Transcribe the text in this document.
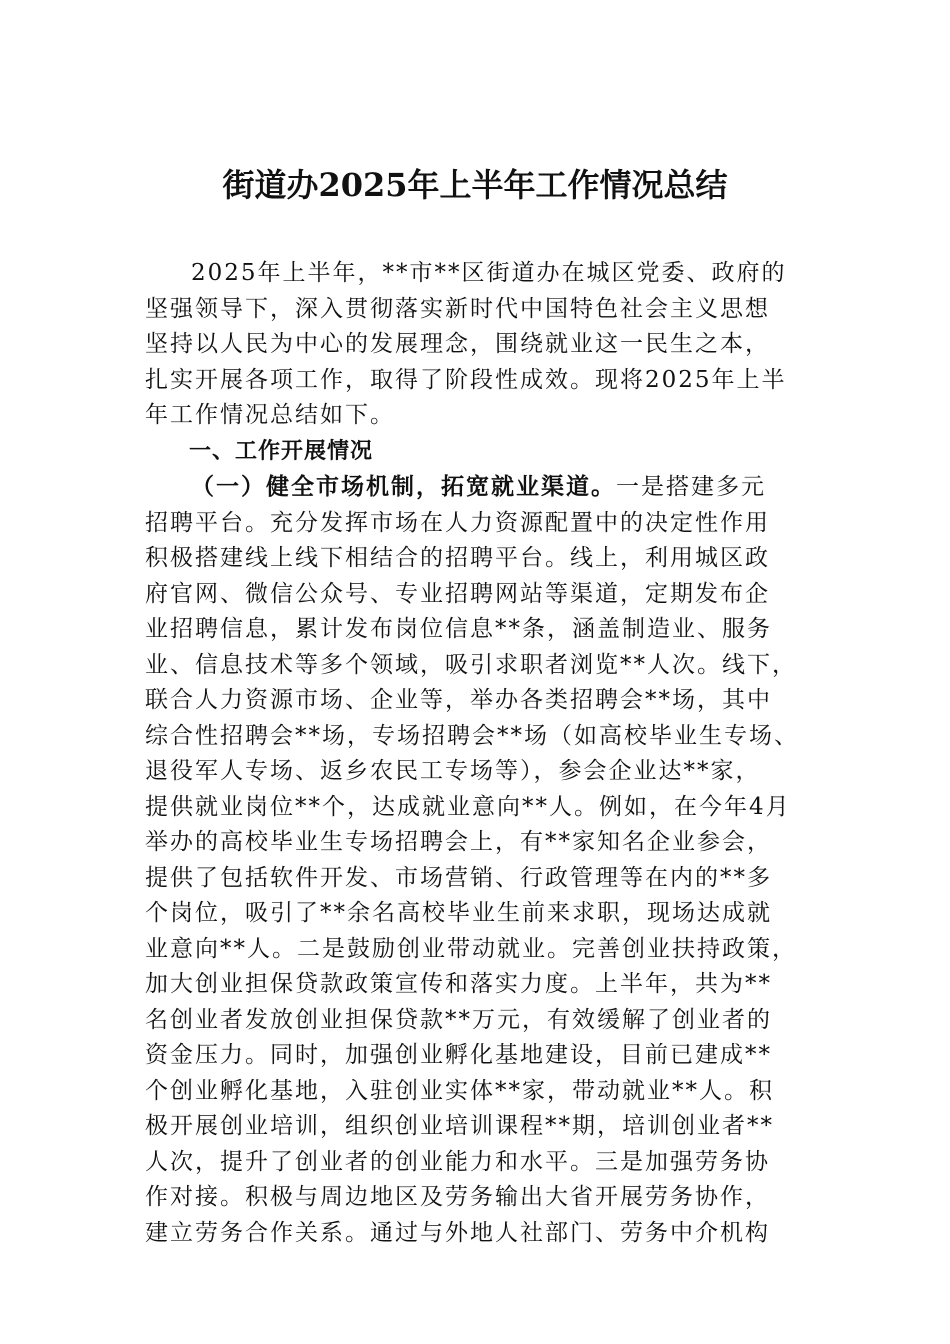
街道办2025年上半年工作情况总结

2025年上半年，**市**区街道办在城区党委、政府的
坚强领导下，深入贯彻落实新时代中国特色社会主义思想
坚持以人民为中心的发展理念，围绕就业这一民生之本，
扎实开展各项工作，取得了阶段性成效。现将2025年上半
年工作情况总结如下。

一、工作开展情况

（一）健全市场机制，拓宽就业渠道。一是搭建多元
招聘平台。充分发挥市场在人力资源配置中的决定性作用
积极搭建线上线下相结合的招聘平台。线上，利用城区政
府官网、微信公众号、专业招聘网站等渠道，定期发布企
业招聘信息，累计发布岗位信息**条，涵盖制造业、服务
业、信息技术等多个领域，吸引求职者浏览**人次。线下，
联合人力资源市场、企业等，举办各类招聘会**场，其中
综合性招聘会**场，专场招聘会**场（如高校毕业生专场、
退役军人专场、返乡农民工专场等），参会企业达**家，
提供就业岗位**个，达成就业意向**人。例如，在今年4月
举办的高校毕业生专场招聘会上，有**家知名企业参会，
提供了包括软件开发、市场营销、行政管理等在内的**多
个岗位，吸引了**余名高校毕业生前来求职，现场达成就
业意向**人。二是鼓励创业带动就业。完善创业扶持政策，
加大创业担保贷款政策宣传和落实力度。上半年，共为**
名创业者发放创业担保贷款**万元，有效缓解了创业者的
资金压力。同时，加强创业孵化基地建设，目前已建成**
个创业孵化基地，入驻创业实体**家，带动就业**人。积
极开展创业培训，组织创业培训课程**期，培训创业者**
人次，提升了创业者的创业能力和水平。三是加强劳务协
作对接。积极与周边地区及劳务输出大省开展劳务协作，
建立劳务合作关系。通过与外地人社部门、劳务中介机构
